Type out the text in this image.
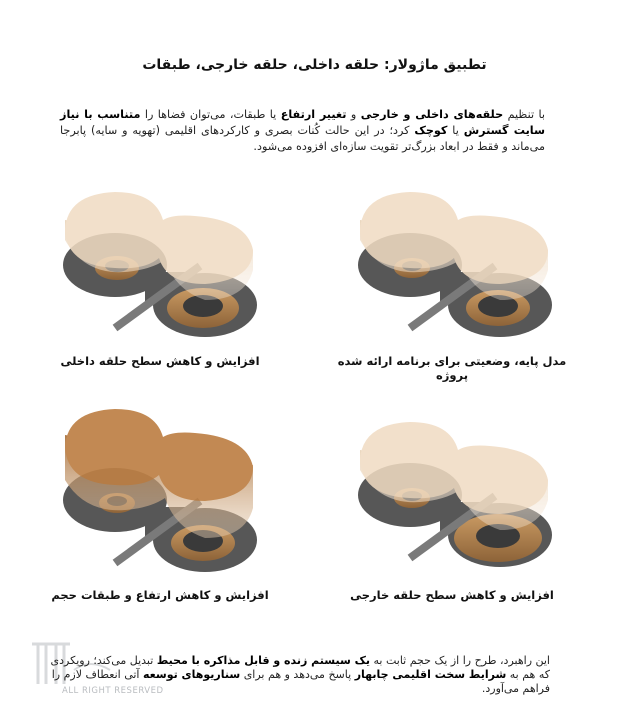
تطبیق ماژولار: حلقه داخلی، حلقه خارجی، طبقات
با تنظیم حلقه‌های داخلی و خارجی و تغییر ارتفاع یا طبقات، می‌توان فضاها را متناسب با نیاز سایت گسترش یا کوچک کرد؛ در این حالت کُنات بصری و کارکردهای اقلیمی (تهویه و سایه) پابرجا می‌ماند و فقط در ابعاد بزرگ‌تر تقویت سازه‌ای افزوده می‌شود.
افزایش و کاهش سطح حلقه داخلی	مدل پایه، وضعیتی برای برنامه ارائه شده پروژه
افزایش و کاهش ارتفاع و طبقات حجم	افزایش و کاهش سطح حلقه خارجی
ALL RIGHT RESERVED
این راهبرد، طرح را از یک حجم ثابت به یک سیستم زنده و قابل مذاکره با محیط تبدیل می‌کند؛ رویکردی که هم به شرایط سخت اقلیمی چابهار پاسخ می‌دهد و هم برای سناریوهای توسعه آتی انعطاف لازم را فراهم می‌آورد.
